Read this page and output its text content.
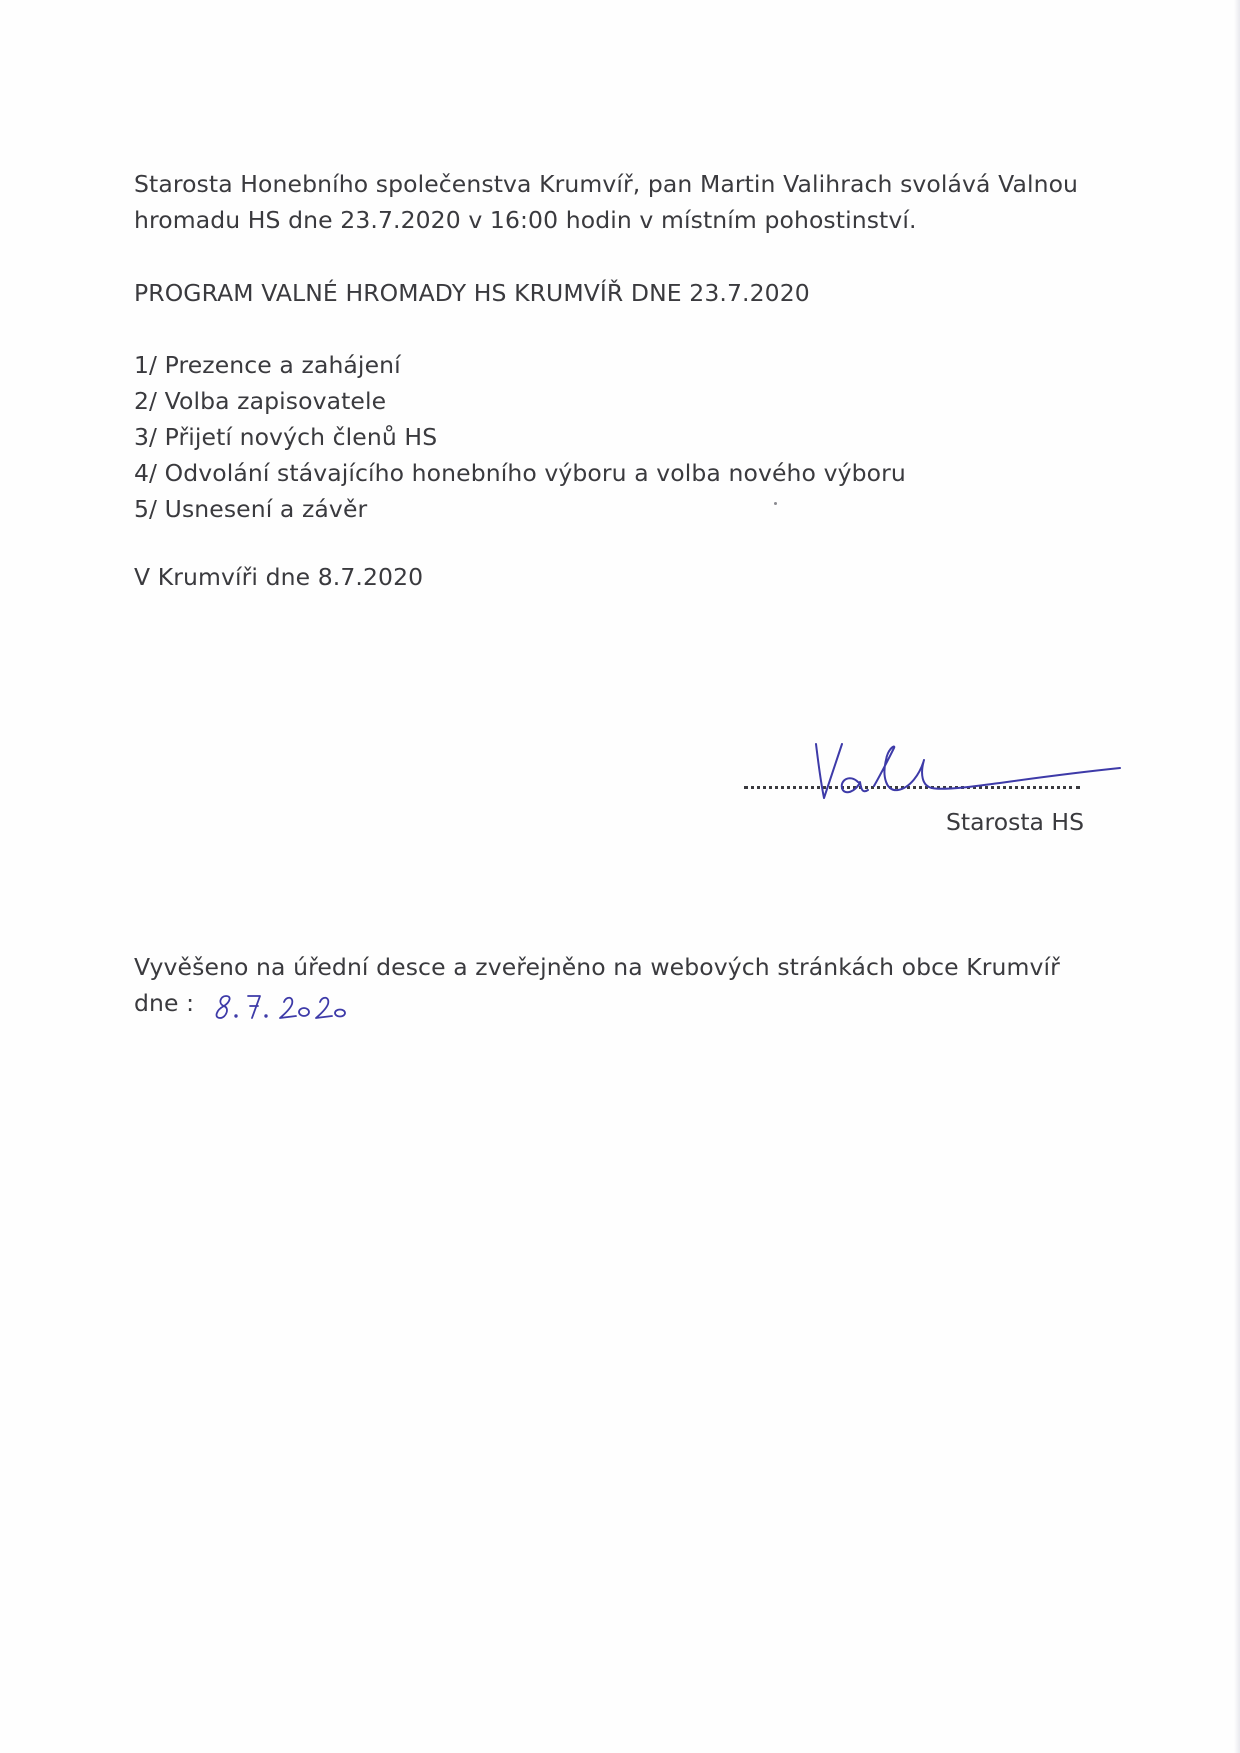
Starosta Honebního společenstva Krumvíř, pan Martin Valihrach svolává Valnou
hromadu HS dne 23.7.2020 v 16:00 hodin v místním pohostinství.
PROGRAM VALNÉ HROMADY HS KRUMVÍŘ DNE 23.7.2020
1/ Prezence a zahájení
2/ Volba zapisovatele
3/ Přijetí nových členů HS
4/ Odvolání stávajícího honebního výboru a volba nového výboru
5/ Usnesení a závěr
V Krumvíři dne 8.7.2020
Starosta HS
Vyvěšeno na úřední desce a zveřejněno na webových stránkách obce Krumvíř
dne :
